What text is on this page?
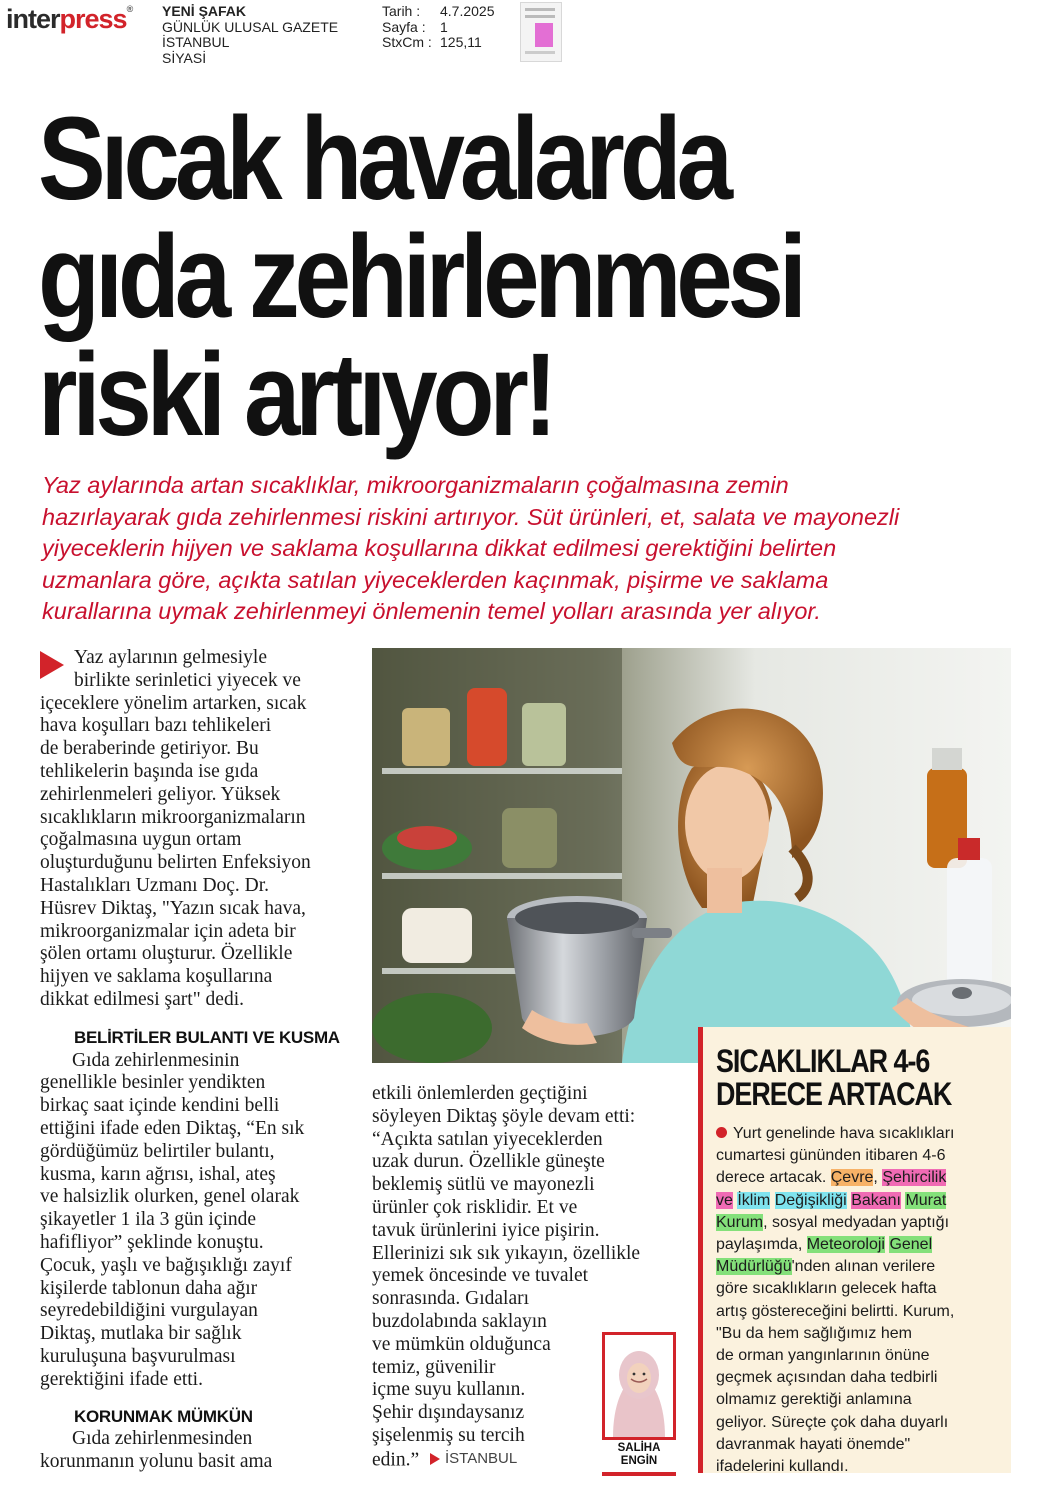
interpress® YENİ ŞAFAK
GÜNLÜK ULUSAL GAZETE
İSTANBUL
SİYASİ
Tarih :	4.7.2025
Sayfa :	1
StxCm : 125,11
Sıcak havalarda
gıda zehirlenmesi
riski artıyor!
Yaz aylarında artan sıcaklıklar, mikroorganizmaların çoğalmasına zemin
hazırlayarak gıda zehirlenmesi riskini artırıyor. Süt ürünleri, et, salata ve mayonezli
yiyeceklerin hijyen ve saklama koşullarına dikkat edilmesi gerektiğini belirten
uzmanlara göre, açıkta satılan yiyeceklerden kaçınmak, pişirme ve saklama
kurallarına uymak zehirlenmeyi önlemenin temel yolları arasında yer alıyor.
Yaz aylarının gelmesiyle
birlikte serinletici yiyecek ve
içeceklere yönelim artarken, sıcak
hava koşulları bazı tehlikeleri
de beraberinde getiriyor. Bu
tehlikelerin başında ise gıda
zehirlenmeleri geliyor. Yüksek
sıcaklıkların mikroorganizmaların
çoğalmasına uygun ortam
oluşturduğunu belirten Enfeksiyon
Hastalıkları Uzmanı Doç. Dr.
Hüsrev Diktaş, "Yazın sıcak hava,
mikroorganizmalar için adeta bir
şölen ortamı oluşturur. Özellikle
hijyen ve saklama koşullarına
dikkat edilmesi şart" dedi.
BELİRTİLER BULANTI VE KUSMA
Gıda zehirlenmesinin
genellikle besinler yendikten
birkaç saat içinde kendini belli
ettiğini ifade eden Diktaş, “En sık
gördüğümüz belirtiler bulantı,
kusma, karın ağrısı, ishal, ateş
ve halsizlik olurken, genel olarak
şikayetler 1 ila 3 gün içinde
hafifliyor” şeklinde konuştu.
Çocuk, yaşlı ve bağışıklığı zayıf
kişilerde tablonun daha ağır
seyredebildiğini vurgulayan
Diktaş, mutlaka bir sağlık
kuruluşuna başvurulması
gerektiğini ifade etti.
KORUNMAK MÜMKÜN
Gıda zehirlenmesinden
korunmanın yolunu basit ama
etkili önlemlerden geçtiğini
söyleyen Diktaş şöyle devam etti:
“Açıkta satılan yiyeceklerden
uzak durun. Özellikle güneşte
beklemiş sütlü ve mayonezli
ürünler çok risklidir. Et ve
tavuk ürünlerini iyice pişirin.
Ellerinizi sık sık yıkayın, özellikle
yemek öncesinde ve tuvalet
sonrasında. Gıdaları
buzdolabında saklayın
ve mümkün olduğunca
temiz, güvenilir
içme suyu kullanın.
Şehir dışındaysanız
şişelenmiş su tercih
edin.” İSTANBUL
SALİHA
ENGİN
SICAKLIKLAR 4-6
DERECE ARTACAK
Yurt genelinde hava sıcaklıkları
cumartesi gününden itibaren 4-6
derece artacak. Çevre, Şehircilik
ve İklim Değişikliği Bakanı Murat
Kurum, sosyal medyadan yaptığı
paylaşımda, Meteoroloji Genel
Müdürlüğü'nden alınan verilere
göre sıcaklıkların gelecek hafta
artış göstereceğini belirtti. Kurum,
"Bu da hem sağlığımız hem
de orman yangınlarının önüne
geçmek açısından daha tedbirli
olmamız gerektiği anlamına
geliyor. Süreçte çok daha duyarlı
davranmak hayati önemde"
ifadelerini kullandı.
